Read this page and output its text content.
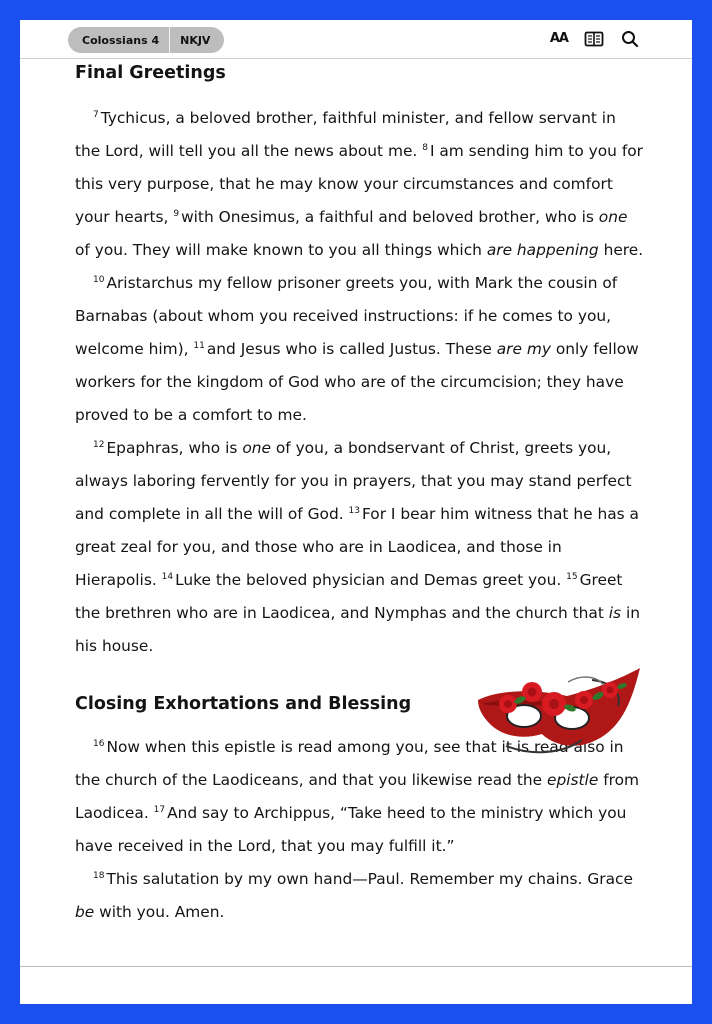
Colossians 4	NKJV	AA
Final Greetings

$^7$ Tychicus, a beloved brother, faithful minister, and fellow servant in the Lord, will tell you all the news about me. $^8$ I am sending him to you for this very purpose, that he may know your circumstances and comfort your hearts, $^9$ with Onesimus, a faithful and beloved brother, who is one of you. They will make known to you all things which are happening here.

$^{10}$ Aristarchus my fellow prisoner greets you, with Mark the cousin of Barnabas (about whom you received instructions: if he comes to you, welcome him), $^{11}$ and Jesus who is called Justus. These are my only fellow workers for the kingdom of God who are of the circumcision; they have proved to be a comfort to me.

$^{12}$ Epaphras, who is one of you, a bondservant of Christ, greets you, always laboring fervently for you in prayers, that you may stand perfect and complete in all the will of God. $^{13}$ For I bear him witness that he has a great zeal for you, and those who are in Laodicea, and those in Hierapolis. $^{14}$ Luke the beloved physician and Demas greet you. $^{15}$ Greet the brethren who are in Laodicea, and Nymphas and the church that is in his house.

Closing Exhortations and Blessing

$^{16}$ Now when this epistle is read among you, see that it is read also in the church of the Laodiceans, and that you likewise read the epistle from Laodicea. $^{17}$ And say to Archippus, “Take heed to the ministry which you have received in the Lord, that you may fulfill it.”

$^{18}$ This salutation by my own hand—Paul. Remember my chains. Grace be with you. Amen.
